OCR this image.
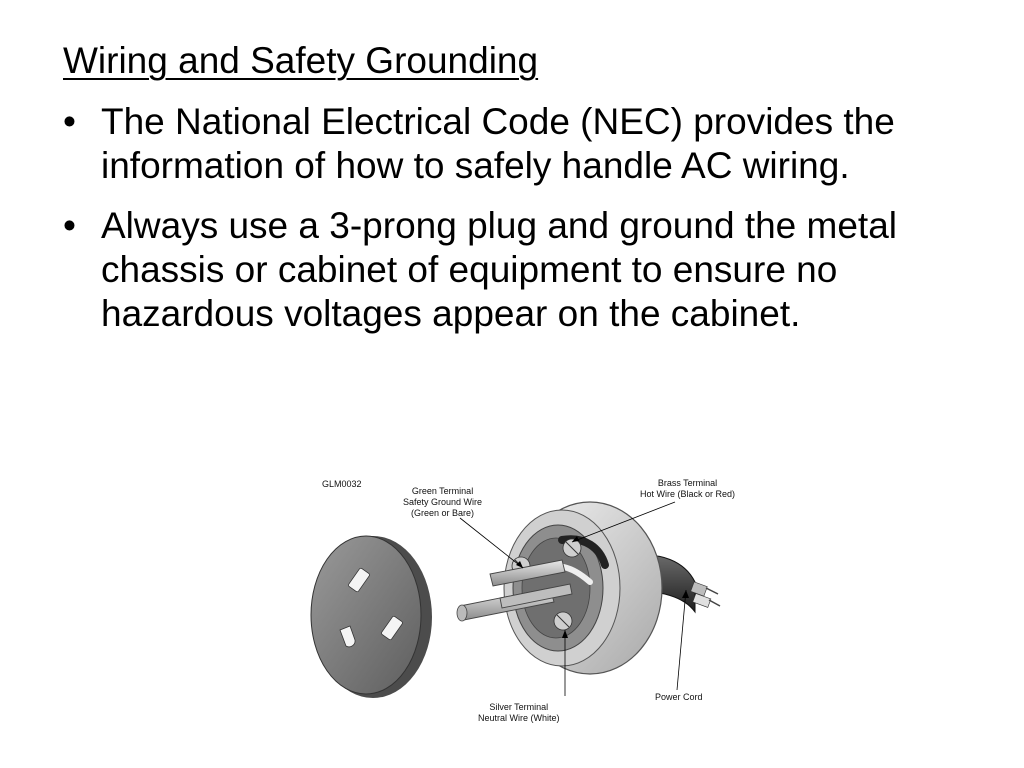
Wiring and Safety Grounding
• The National Electrical Code (NEC) provides the information of how to safely handle AC wiring.
• Always use a 3-prong plug and ground the metal chassis or cabinet of equipment to ensure no hazardous voltages appear on the cabinet.
GLM0032
Green Terminal
Safety Ground Wire
(Green or Bare)
Brass Terminal
Hot Wire (Black or Red)
Silver Terminal
Neutral Wire (White)
Power Cord
